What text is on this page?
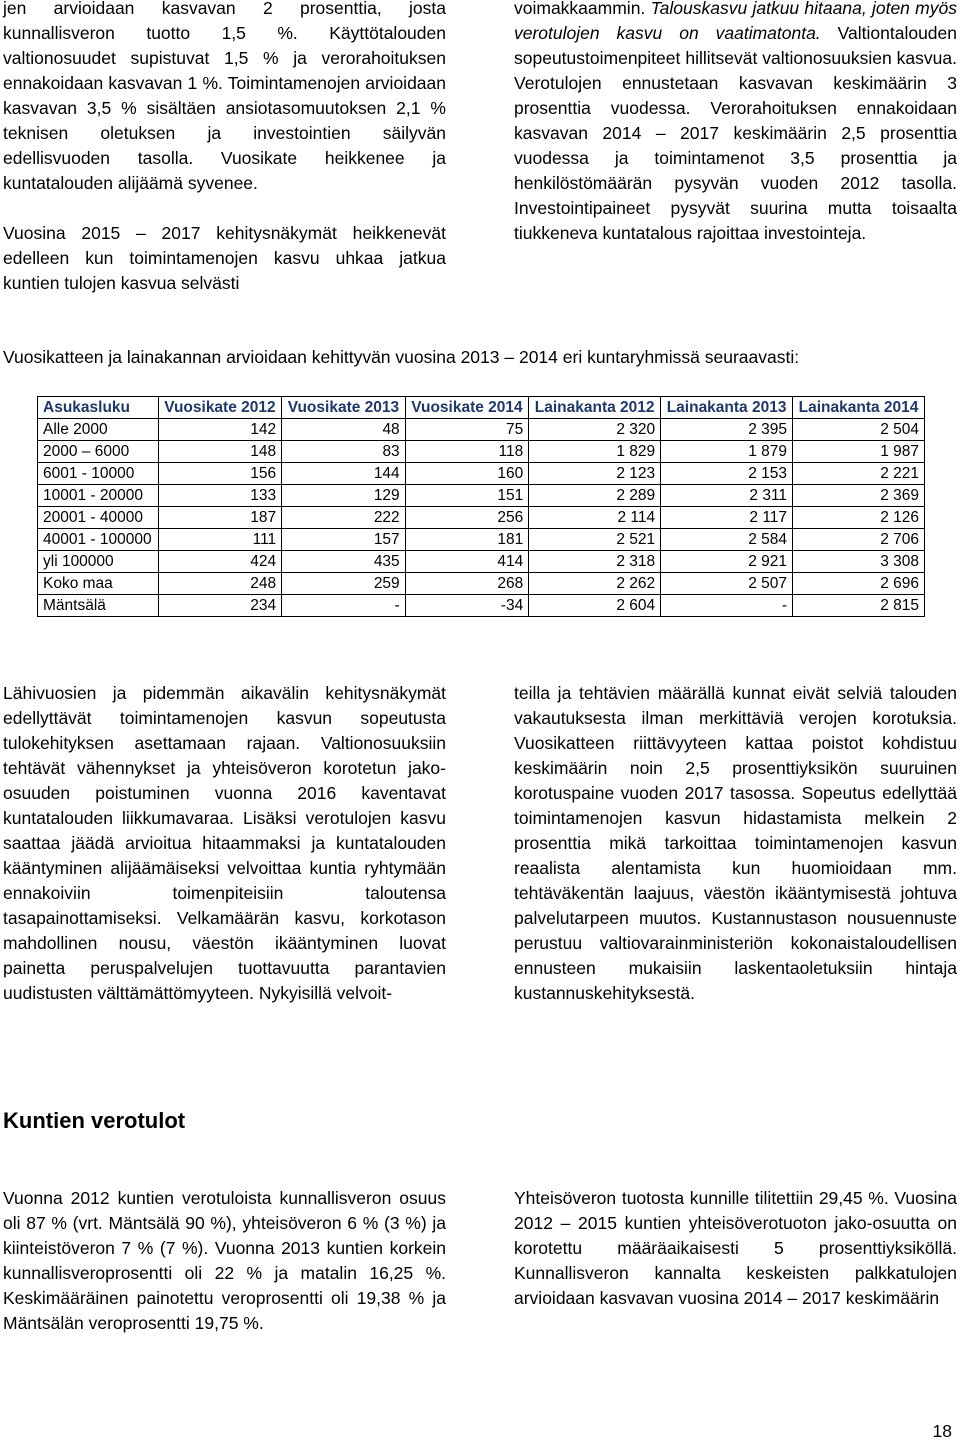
jen arvioidaan kasvavan 2 prosenttia, josta kunnallisveron tuotto 1,5 %. Käyttötalouden valtionosuudet supistuvat 1,5 % ja verorahoituksen ennakoidaan kasvavan 1 %. Toimintamenojen arvioidaan kasvavan 3,5 % sisältäen ansiotasomuutoksen 2,1 % teknisen oletuksen ja investointien säilyvän edellisvuoden tasolla. Vuosikate heikkenee ja kuntatalouden alijäämä syvenee.

Vuosina 2015 – 2017 kehitysnäkymät heikkenevät edelleen kun toimintamenojen kasvu uhkaa jatkua kuntien tulojen kasvua selvästi

voimakkaammin. Talouskasvu jatkuu hitaana, joten myös verotulojen kasvu on vaatimatonta. Valtiontalouden sopeutustoimenpiteet hillitsevät valtionosuuksien kasvua. Verotulojen ennustetaan kasvavan keskimäärin 3 prosenttia vuodessa. Verorahoituksen ennakoidaan kasvavan 2014 – 2017 keskimäärin 2,5 prosenttia vuodessa ja toimintamenot 3,5 prosenttia ja henkilöstömäärän pysyvän vuoden 2012 tasolla. Investointipaineet pysyvät suurina mutta toisaalta tiukkeneva kuntatalous rajoittaa investointeja.

Vuosikatteen ja lainakannan arvioidaan kehittyvän vuosina 2013 – 2014 eri kuntaryhmissä seuraavasti:

Asukasluku	Vuosikate 2012	Vuosikate 2013	Vuosikate 2014	Lainakanta 2012	Lainakanta 2013	Lainakanta 2014
Alle 2000	142	48	75	2 320	2 395	2 504
2000 – 6000	148	83	118	1 829	1 879	1 987
6001 - 10000	156	144	160	2 123	2 153	2 221
10001 - 20000	133	129	151	2 289	2 311	2 369
20001 - 40000	187	222	256	2 114	2 117	2 126
40001 - 100000	111	157	181	2 521	2 584	2 706
yli 100000	424	435	414	2 318	2 921	3 308
Koko maa	248	259	268	2 262	2 507	2 696
Mäntsälä	234	-	-34	2 604	-	2 815

Lähivuosien ja pidemmän aikavälin kehitysnäkymät edellyttävät toimintamenojen kasvun sopeutusta tulokehityksen asettamaan rajaan. Valtionosuuksiin tehtävät vähennykset ja yhteisöveron korotetun jako-osuuden poistuminen vuonna 2016 kaventavat kuntatalouden liikkumavaraa. Lisäksi verotulojen kasvu saattaa jäädä arvioitua hitaammaksi ja kuntatalouden kääntyminen alijäämäiseksi velvoittaa kuntia ryhtymään ennakoiviin toimenpiteisiin taloutensa tasapainottamiseksi. Velkamäärän kasvu, korkotason mahdollinen nousu, väestön ikääntyminen luovat painetta peruspalvelujen tuottavuutta parantavien uudistusten välttämättömyyteen. Nykyisillä velvoit-

teilla ja tehtävien määrällä kunnat eivät selviä talouden vakautuksesta ilman merkittäviä verojen korotuksia. Vuosikatteen riittävyyteen kattaa poistot kohdistuu keskimäärin noin 2,5 prosenttiyksikön suuruinen korotuspaine vuoden 2017 tasossa. Sopeutus edellyttää toimintamenojen kasvun hidastamista melkein 2 prosenttia mikä tarkoittaa toimintamenojen kasvun reaalista alentamista kun huomioidaan mm. tehtäväkentän laajuus, väestön ikääntymisestä johtuva palvelutarpeen muutos. Kustannustason nousuennuste perustuu valtiovarainministeriön kokonaistaloudellisen ennusteen mukaisiin laskentaoletuksiin hintaja kustannuskehityksestä.

Kuntien verotulot

Vuonna 2012 kuntien verotuloista kunnallisveron osuus oli 87 % (vrt. Mäntsälä 90 %), yhteisöveron 6 % (3 %) ja kiinteistöveron 7 % (7 %). Vuonna 2013 kuntien korkein kunnallisveroprosentti oli 22 % ja matalin 16,25 %. Keskimääräinen painotettu veroprosentti oli 19,38 % ja Mäntsälän veroprosentti 19,75 %.

Yhteisöveron tuotosta kunnille tilitettiin 29,45 %. Vuosina 2012 – 2015 kuntien yhteisöverotuoton jako-osuutta on korotettu määräaikaisesti 5 prosenttiyksiköllä. Kunnallisveron kannalta keskeisten palkkatulojen arvioidaan kasvavan vuosina 2014 – 2017 keskimäärin

18
